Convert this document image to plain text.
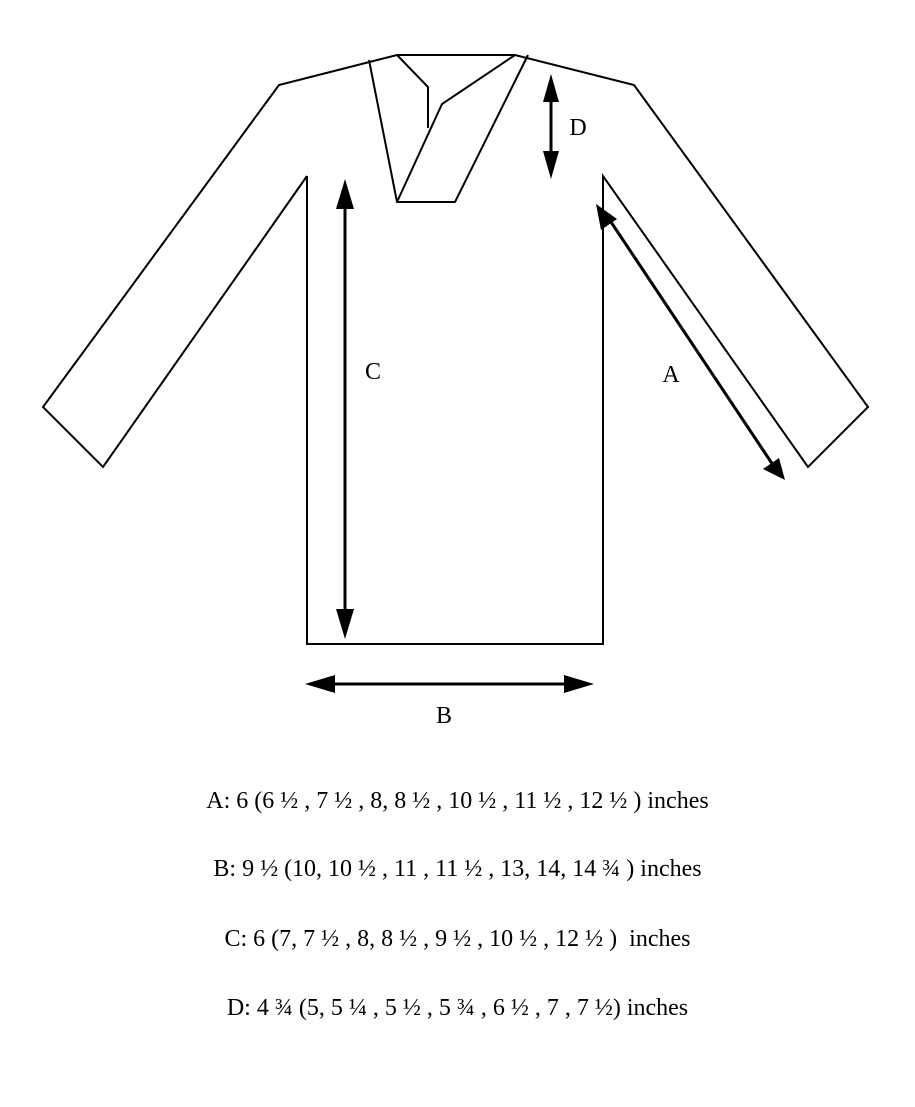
A
B
C
D
A: 6 (6 ½ , 7 ½ , 8, 8 ½ , 10 ½ , 11 ½ , 12 ½ ) inches
B: 9 ½ (10, 10 ½ , 11 , 11 ½ , 13, 14, 14 ¾ ) inches
C: 6 (7, 7 ½ , 8, 8 ½ , 9 ½ , 10 ½ , 12 ½ )  inches
D: 4 ¾ (5, 5 ¼ , 5 ½ , 5 ¾ , 6 ½ , 7 , 7 ½) inches
